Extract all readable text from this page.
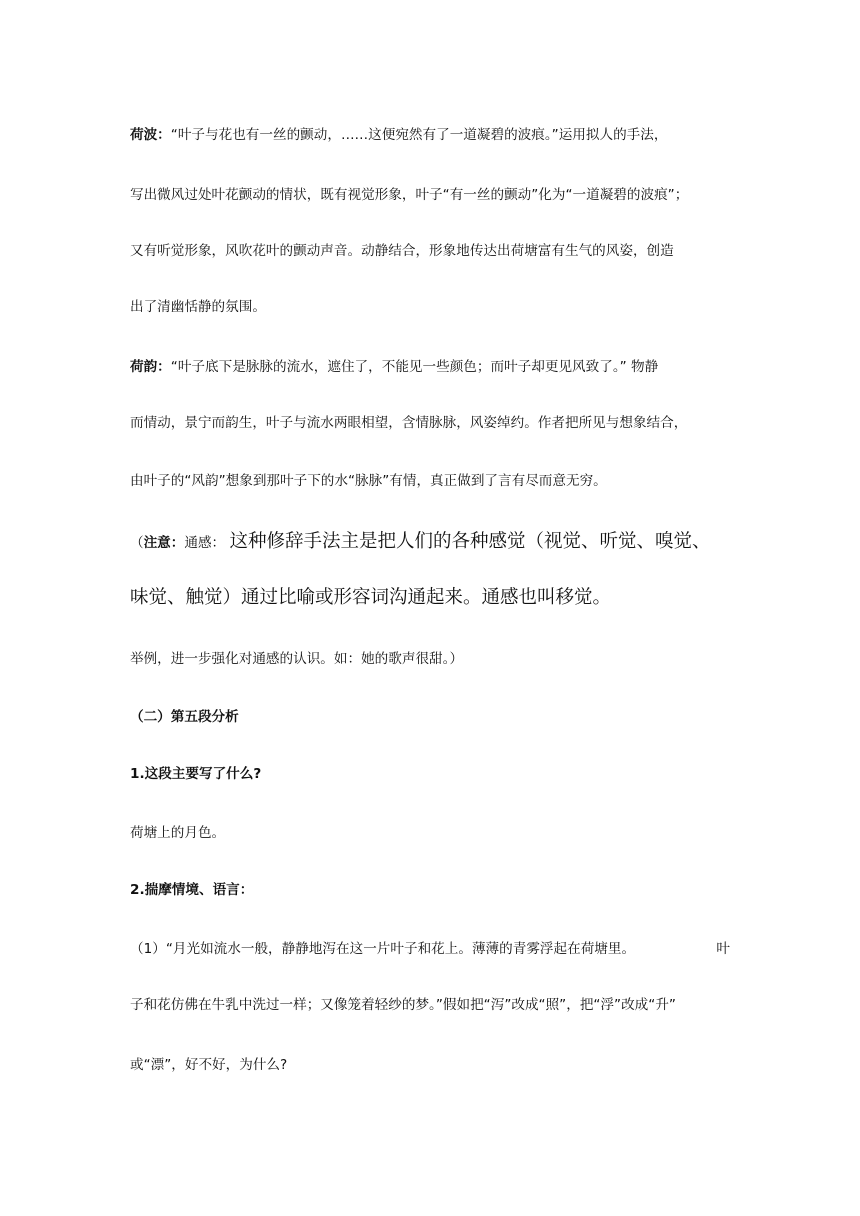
荷波：“叶子与花也有一丝的颤动，……这便宛然有了一道凝碧的波痕。”运用拟人的手法，
写出微风过处叶花颤动的情状，既有视觉形象，叶子“有一丝的颤动”化为“一道凝碧的波痕”；
又有听觉形象，风吹花叶的颤动声音。动静结合，形象地传达出荷塘富有生气的风姿，创造
出了清幽恬静的氛围。
荷韵：“叶子底下是脉脉的流水，遮住了，不能见一些颜色；而叶子却更见风致了。” 物静
而情动，景宁而韵生，叶子与流水两眼相望，含情脉脉，风姿绰约。作者把所见与想象结合，
由叶子的“风韵”想象到那叶子下的水“脉脉”有情，真正做到了言有尽而意无穷。
（注意：通感： 这种修辞手法主是把人们的各种感觉（视觉、听觉、嗅觉、
味觉、触觉）通过比喻或形容词沟通起来。通感也叫移觉。
举例，进一步强化对通感的认识。如：她的歌声很甜。）
（二）第五段分析
1.这段主要写了什么?
荷塘上的月色。
2.揣摩情境、语言：
（1）“月光如流水一般，静静地泻在这一片叶子和花上。薄薄的青雾浮起在荷塘里。	叶
子和花仿佛在牛乳中洗过一样；又像笼着轻纱的梦。”假如把“泻”改成“照”，把“浮”改成“升”
或“漂”，好不好，为什么?
